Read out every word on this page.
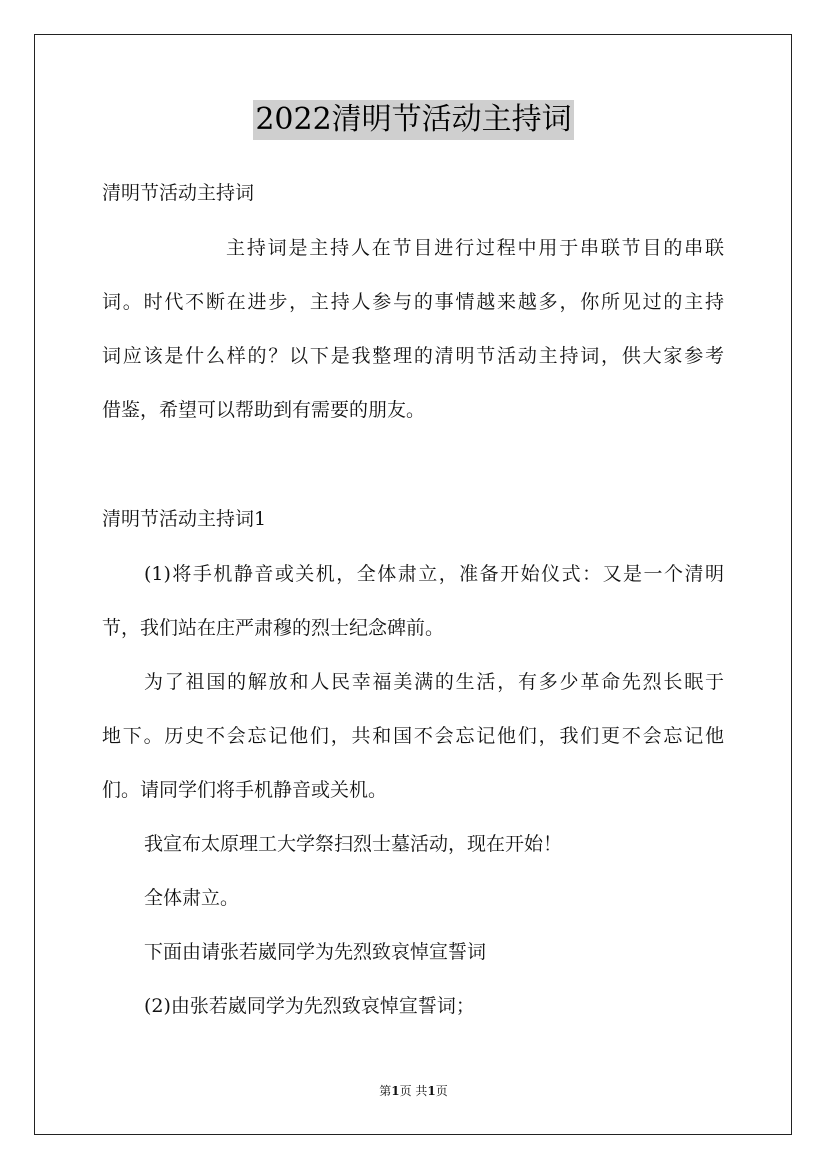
2022清明节活动主持词
清明节活动主持词
主持词是主持人在节目进行过程中用于串联节目的串联
词。时代不断在进步，主持人参与的事情越来越多，你所见过的主持
词应该是什么样的？以下是我整理的清明节活动主持词，供大家参考
借鉴，希望可以帮助到有需要的朋友。
清明节活动主持词1
(1)将手机静音或关机，全体肃立，准备开始仪式：又是一个清明
节，我们站在庄严肃穆的烈士纪念碑前。
为了祖国的解放和人民幸福美满的生活，有多少革命先烈长眠于
地下。历史不会忘记他们，共和国不会忘记他们，我们更不会忘记他
们。请同学们将手机静音或关机。
我宣布太原理工大学祭扫烈士墓活动，现在开始！
全体肃立。
下面由请张若崴同学为先烈致哀悼宣誓词
(2)由张若崴同学为先烈致哀悼宣誓词；
第1页 共1页
